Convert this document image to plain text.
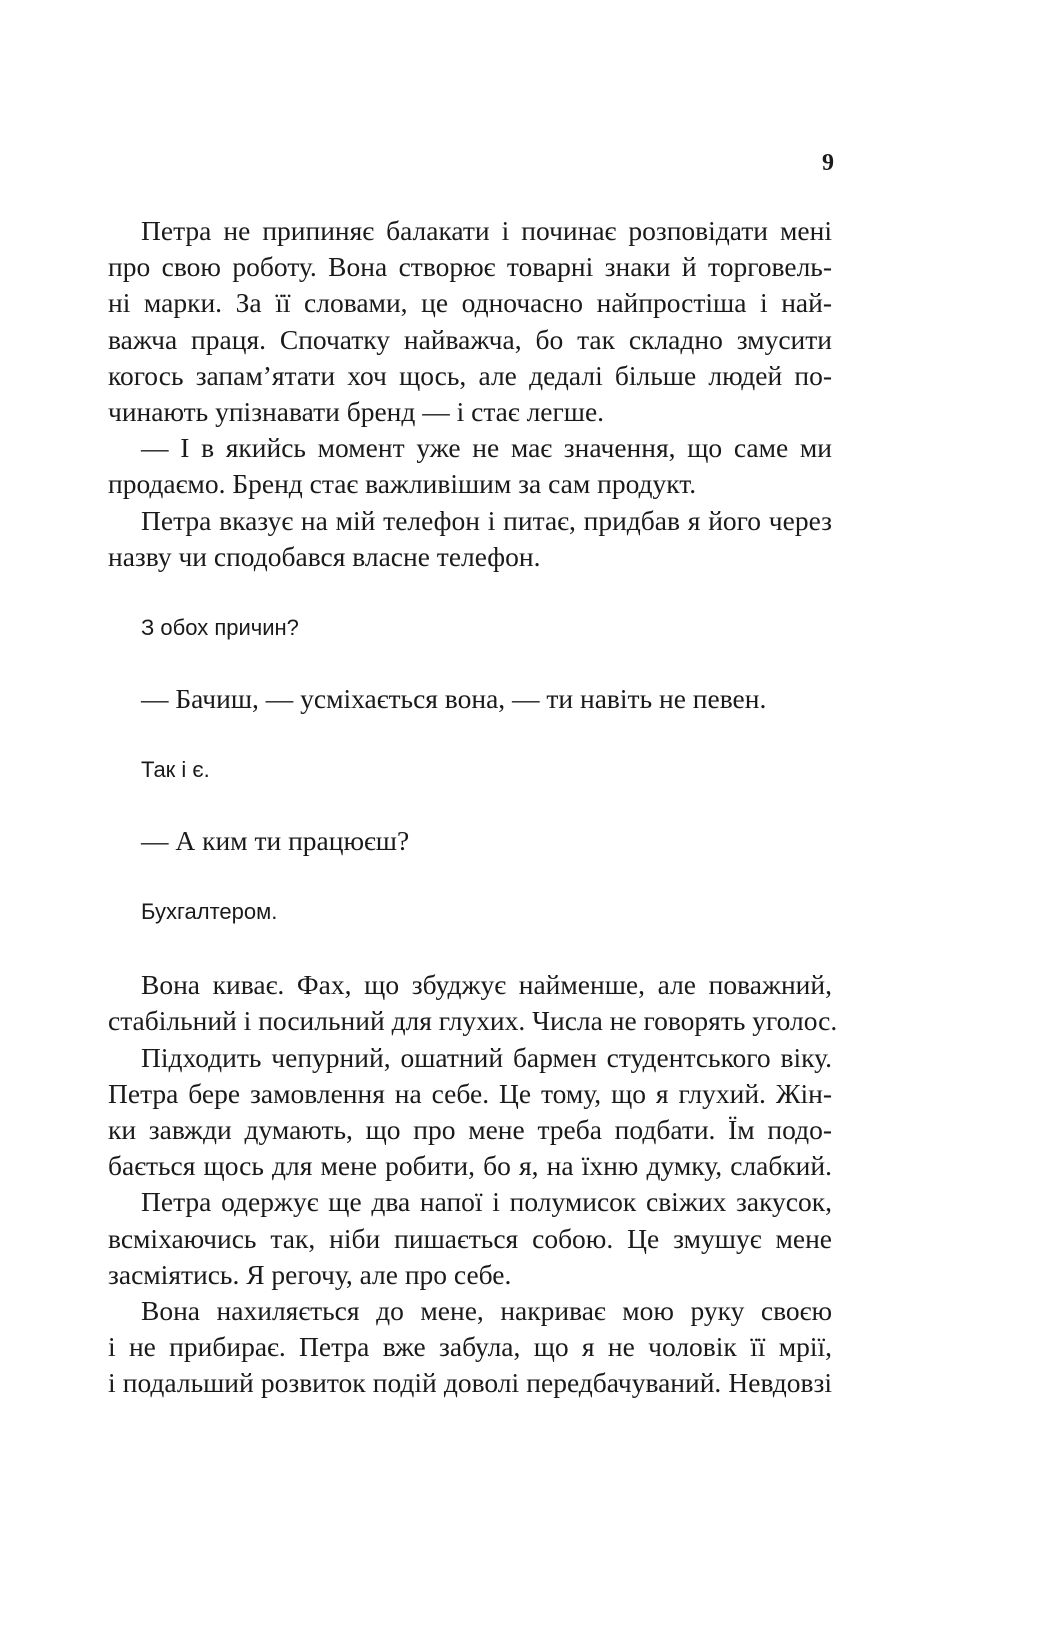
9
Петра не припиняє балакати і починає розповідати мені
про свою роботу. Вона створює товарні знаки й торговель-
ні марки. За її словами, це одночасно найпростіша і най-
важча праця. Спочатку найважча, бо так складно змусити
когось запам’ятати хоч щось, але дедалі більше людей по-
чинають упізнавати бренд — і стає легше.
— І в якийсь момент уже не має значення, що саме ми
продаємо. Бренд стає важливішим за сам продукт.
Петра вказує на мій телефон і питає, придбав я його через
назву чи сподобався власне телефон.
З обох причин?
— Бачиш, — усміхається вона, — ти навіть не певен.
Так і є.
— А ким ти працюєш?
Бухгалтером.
Вона киває. Фах, що збуджує найменше, але поважний,
стабільний і посильний для глухих. Числа не говорять уголос.
Підходить чепурний, ошатний бармен студентського віку.
Петра бере замовлення на себе. Це тому, що я глухий. Жін-
ки завжди думають, що про мене треба подбати. Їм подо-
бається щось для мене робити, бо я, на їхню думку, слабкий.
Петра одержує ще два напої і полумисок свіжих закусок,
всміхаючись так, ніби пишається собою. Це змушує мене
засміятись. Я регочу, але про себе.
Вона нахиляється до мене, накриває мою руку своєю
і не прибирає. Петра вже забула, що я не чоловік її мрії,
і подальший розвиток подій доволі передбачуваний. Невдовзі
